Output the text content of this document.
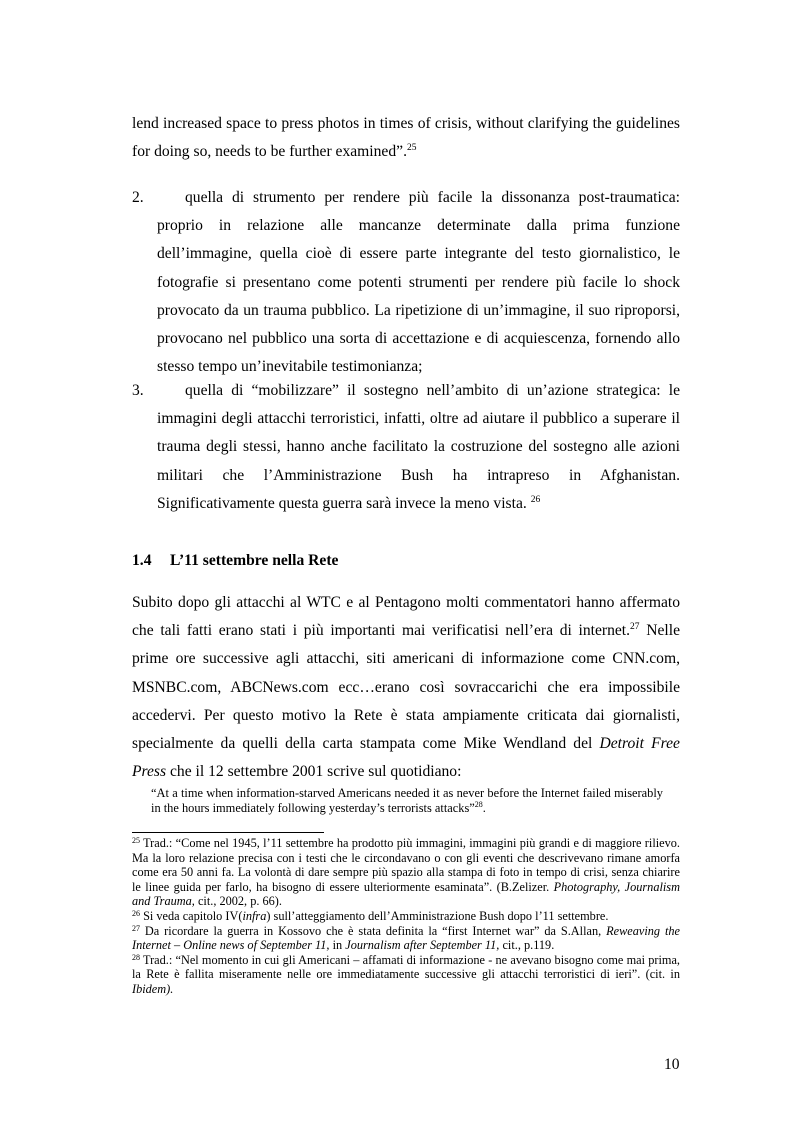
lend increased space to press photos in times of crisis, without clarifying the guidelines for doing so, needs to be further examined”.$^{25}$

2.	quella di strumento per rendere più facile la dissonanza post-traumatica: proprio in relazione alle mancanze determinate dalla prima funzione dell’immagine, quella cioè di essere parte integrante del testo giornalistico, le fotografie si presentano come potenti strumenti per rendere più facile lo shock provocato da un trauma pubblico. La ripetizione di un’immagine, il suo riproporsi, provocano nel pubblico una sorta di accettazione e di acquiescenza, fornendo allo stesso tempo un’inevitabile testimonianza;
3.	quella di “mobilizzare” il sostegno nell’ambito di un’azione strategica: le immagini degli attacchi terroristici, infatti, oltre ad aiutare il pubblico a superare il trauma degli stessi, hanno anche facilitato la costruzione del sostegno alle azioni militari che l’Amministrazione Bush ha intrapreso in Afghanistan. Significativamente questa guerra sarà invece la meno vista. $^{26}$
1.4 L’11 settembre nella Rete

Subito dopo gli attacchi al WTC e al Pentagono molti commentatori hanno affermato che tali fatti erano stati i più importanti mai verificatisi nell’era di internet.$^{27}$ Nelle prime ore successive agli attacchi, siti americani di informazione come CNN.com, MSNBC.com, ABCNews.com ecc…erano così sovraccarichi che era impossibile accedervi. Per questo motivo la Rete è stata ampiamente criticata dai giornalisti, specialmente da quelli della carta stampata come Mike Wendland del Detroit Free Press che il 12 settembre 2001 scrive sul quotidiano:

“At a time when information-starved Americans needed it as never before the Internet failed miserably in the hours immediately following yesterday’s terrorists attacks”$^{28}$.

$^{25}$ Trad.: “Come nel 1945, l’11 settembre ha prodotto più immagini, immagini più grandi e di maggiore rilievo. Ma la loro relazione precisa con i testi che le circondavano o con gli eventi che descrivevano rimane amorfa come era 50 anni fa. La volontà di dare sempre più spazio alla stampa di foto in tempo di crisi, senza chiarire le linee guida per farlo, ha bisogno di essere ulteriormente esaminata”. (B.Zelizer. Photography, Journalism and Trauma, cit., 2002, p. 66).

$^{26}$ Si veda capitolo IV(infra) sull’atteggiamento dell’Amministrazione Bush dopo l’11 settembre.

$^{27}$ Da ricordare la guerra in Kossovo che è stata definita la “first Internet war” da S.Allan, Reweaving the Internet – Online news of September 11, in Journalism after September 11, cit., p.119.

$^{28}$ Trad.: “Nel momento in cui gli Americani – affamati di informazione - ne avevano bisogno come mai prima, la Rete è fallita miseramente nelle ore immediatamente successive gli attacchi terroristici di ieri”. (cit. in Ibidem).

10
